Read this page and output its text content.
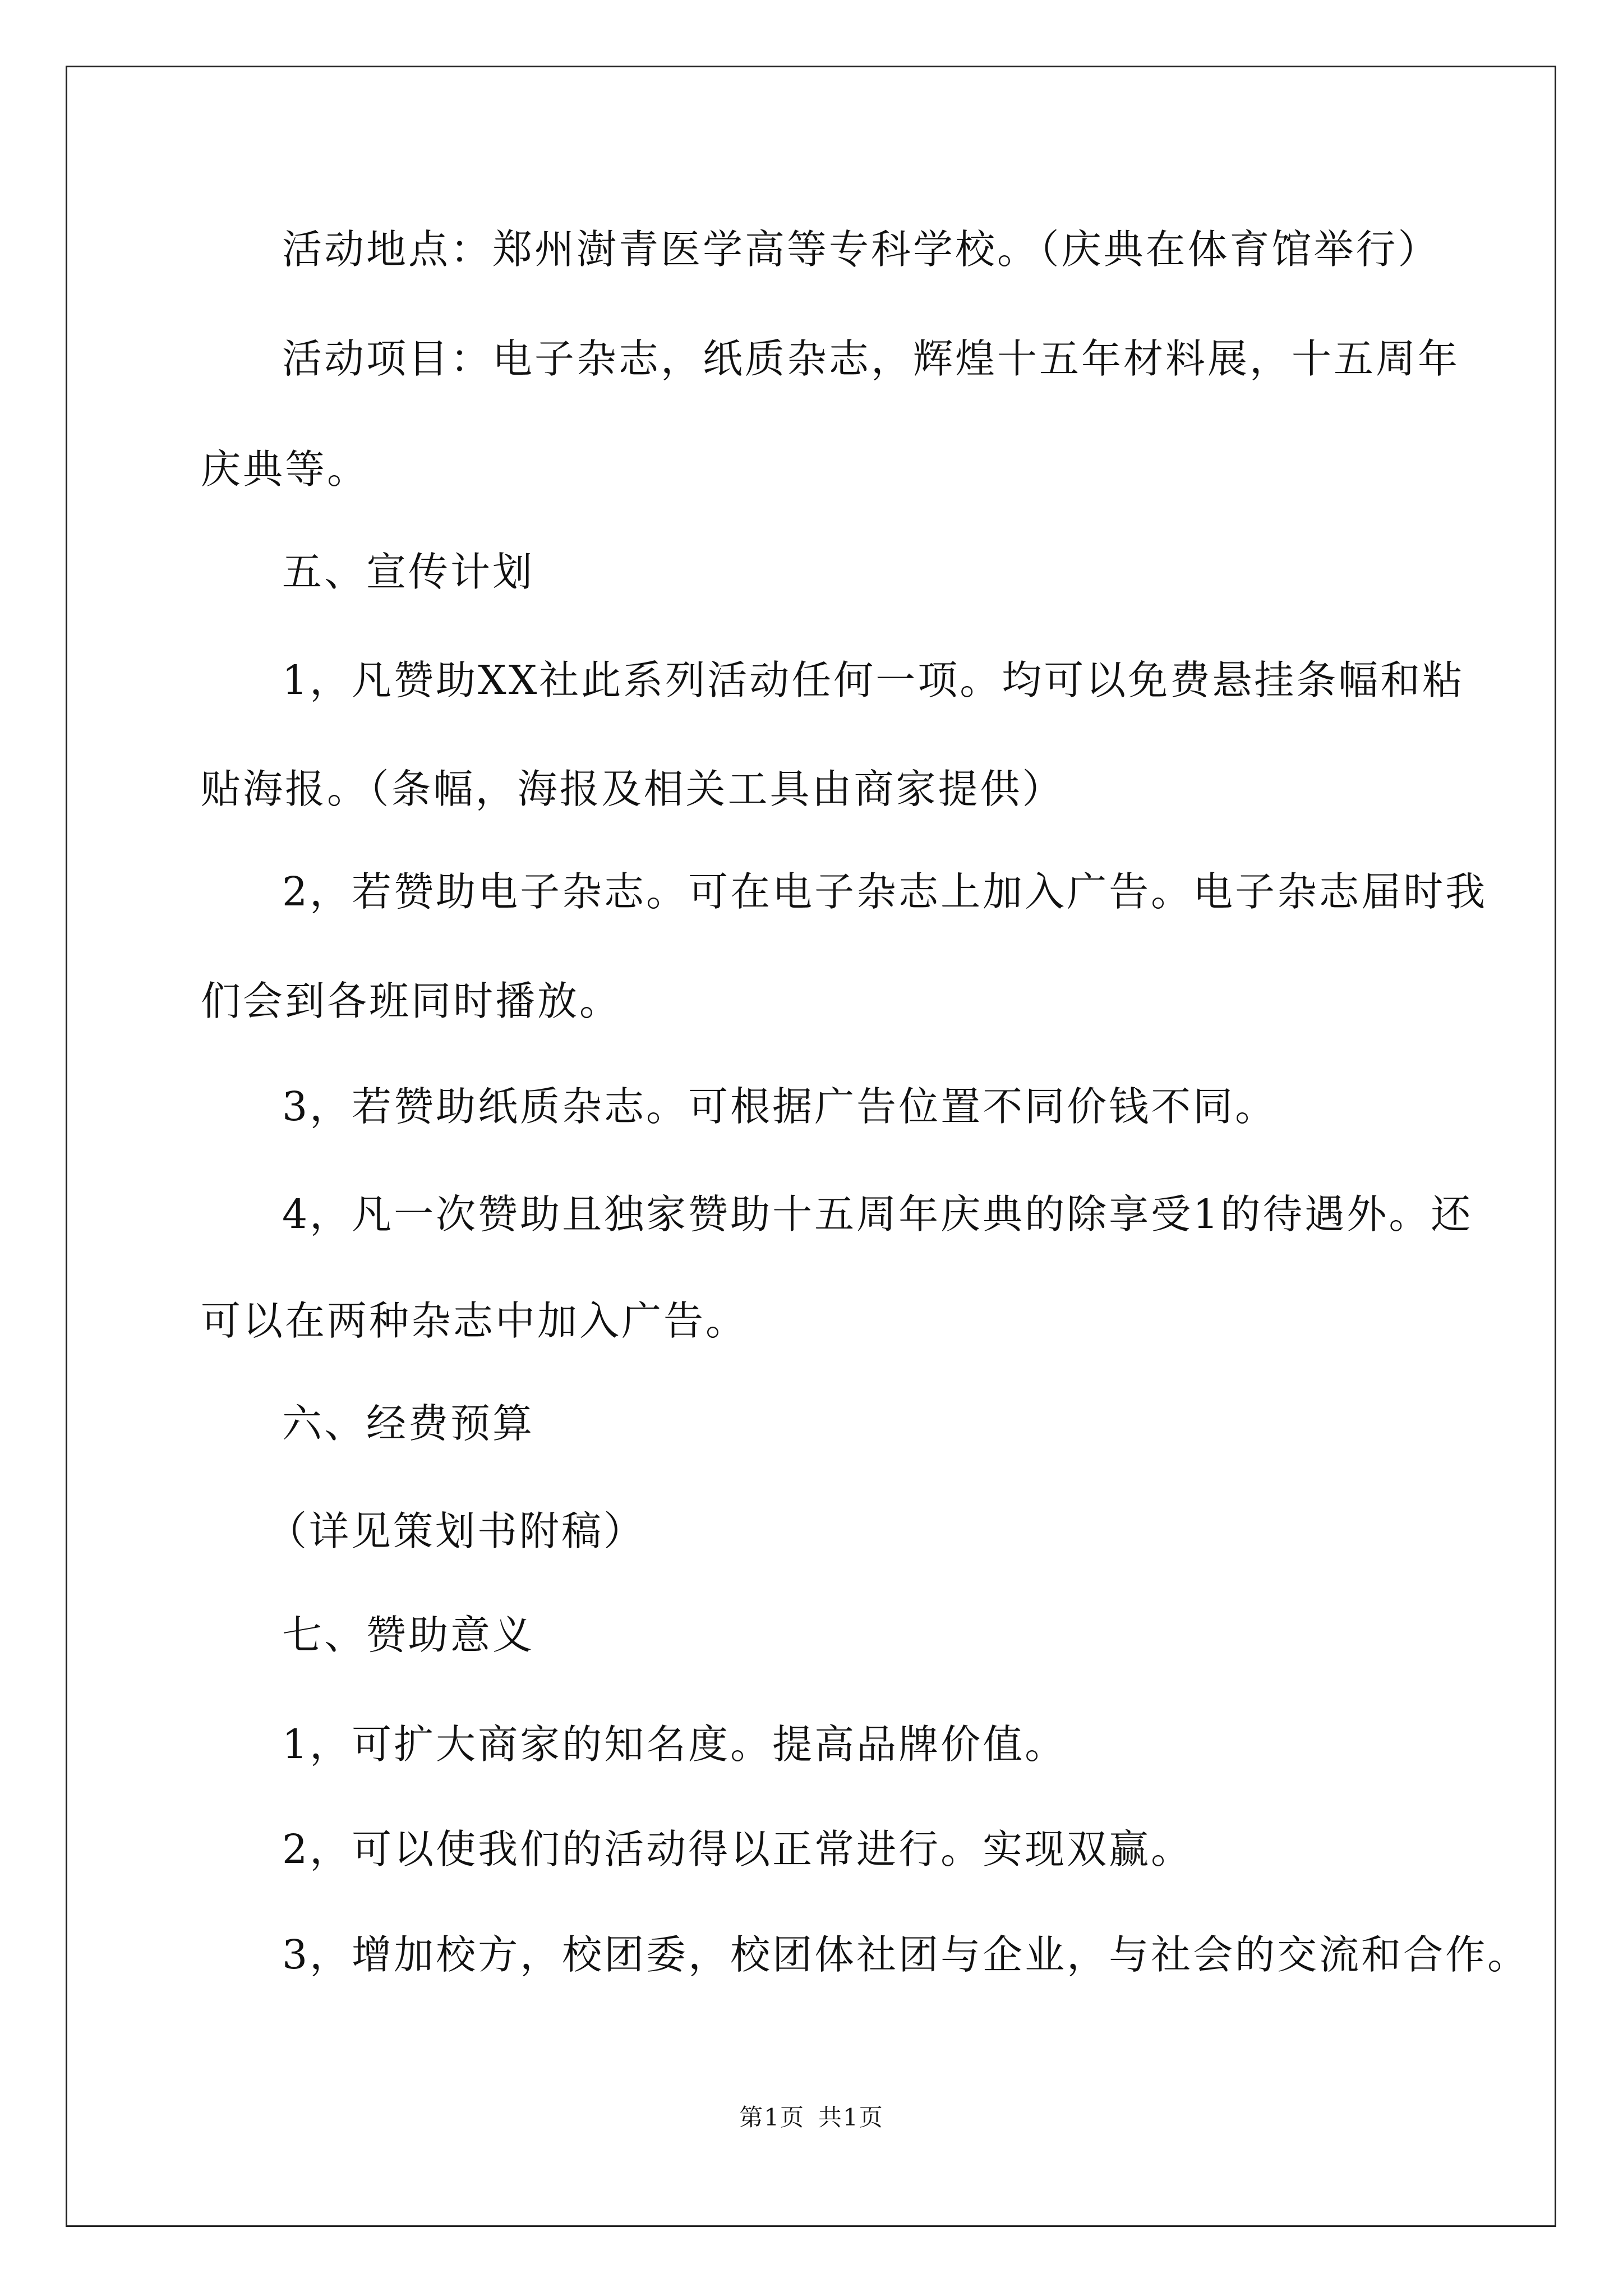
活动地点：郑州澍青医学高等专科学校。（庆典在体育馆举行）
活动项目：电子杂志，纸质杂志，辉煌十五年材料展，十五周年
庆典等。
五、宣传计划
1，凡赞助XX社此系列活动任何一项。均可以免费悬挂条幅和粘
贴海报。（条幅，海报及相关工具由商家提供）
2，若赞助电子杂志。可在电子杂志上加入广告。电子杂志届时我
们会到各班同时播放。
3，若赞助纸质杂志。可根据广告位置不同价钱不同。
4，凡一次赞助且独家赞助十五周年庆典的除享受1的待遇外。还
可以在两种杂志中加入广告。
六、经费预算
（详见策划书附稿）
七、赞助意义
1，可扩大商家的知名度。提高品牌价值。
2，可以使我们的活动得以正常进行。实现双赢。
3，增加校方，校团委，校团体社团与企业，与社会的交流和合作。
第1页 共1页
